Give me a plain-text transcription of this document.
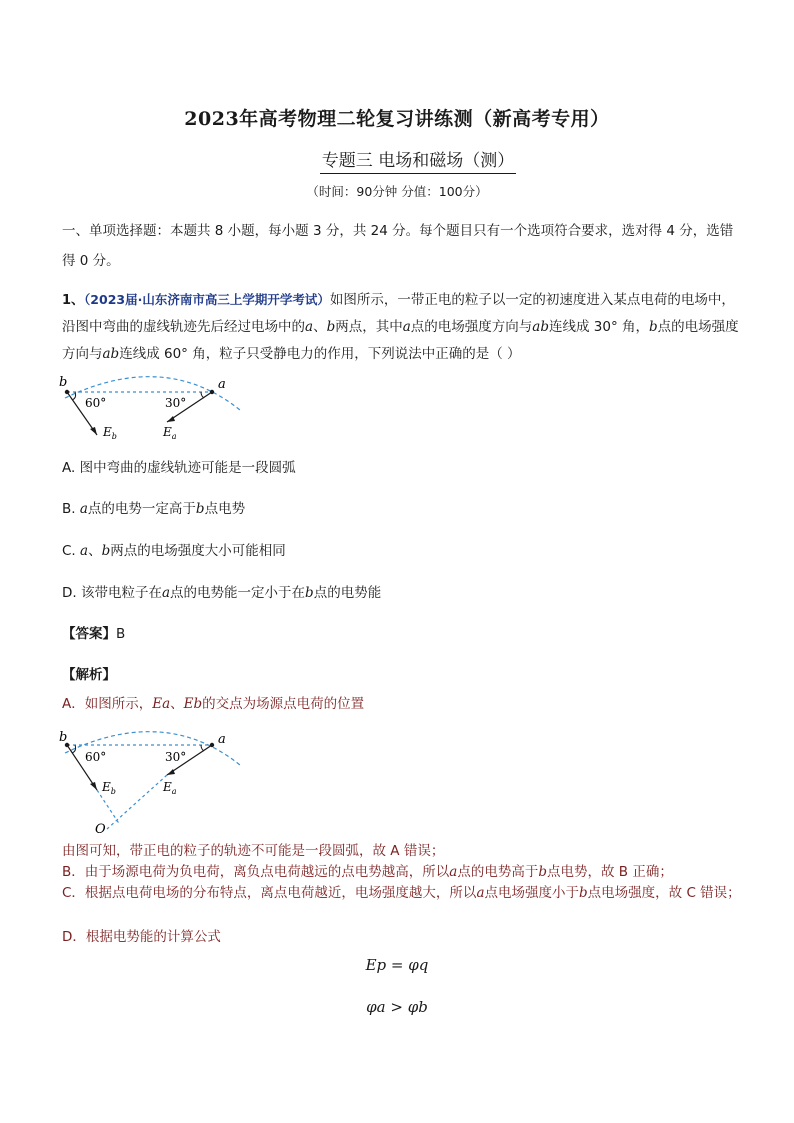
2023年高考物理二轮复习讲练测（新高考专用）
专题三 电场和磁场（测）
（时间：90分钟 分值：100分）
一、单项选择题：本题共 8 小题，每小题 3 分，共 24 分。每个题目只有一个选项符合要求，选对得 4 分，选错得 0 分。
1、（2023届·山东济南市高三上学期开学考试）如图所示，一带正电的粒子以一定的初速度进入某点电荷的电场中，沿图中弯曲的虚线轨迹先后经过电场中的a、b两点，其中a点的电场强度方向与ab连线成 30° 角，b点的电场强度方向与ab连线成 60° 角，粒子只受静电力的作用，下列说法中正确的是（ ）
b	a
60°	30°
$E_b$	$E_a$
A. 图中弯曲的虚线轨迹可能是一段圆弧
B. a点的电势一定高于b点电势
C. a、b两点的电场强度大小可能相同
D. 该带电粒子在a点的电势能一定小于在b点的电势能
【答案】B
【解析】
A．如图所示，Ea、Eb的交点为场源点电荷的位置
b	a
60°	30°
$E_b$	$E_a$
O
由图可知，带正电的粒子的轨迹不可能是一段圆弧，故 A 错误；
B．由于场源电荷为负电荷，离负点电荷越远的点电势越高，所以a点的电势高于b点电势，故 B 正确；
C．根据点电荷电场的分布特点，离点电荷越近，电场强度越大，所以a点电场强度小于b点电场强度，故 C 错误；
D．根据电势能的计算公式
Ep = φq
φa > φb
